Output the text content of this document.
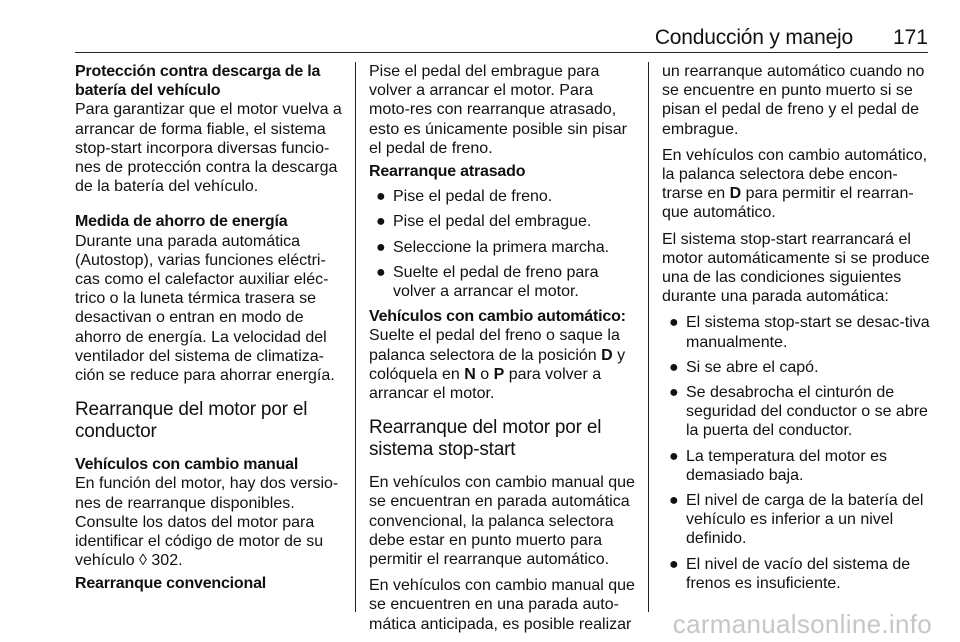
Conducción y manejo 171
Protección contra descarga de la batería del vehículo

Para garantizar que el motor vuelva a arrancar de forma fiable, el sistema stop-start incorpora diversas funcio-nes de protección contra la descarga de la batería del vehículo.

Medida de ahorro de energía

Durante una parada automática (Autostop), varias funciones eléctri-cas como el calefactor auxiliar eléc-trico o la luneta térmica trasera se desactivan o entran en modo de ahorro de energía. La velocidad del ventilador del sistema de climatiza-ción se reduce para ahorrar energía.

Rearranque del motor por el conductor
Vehículos con cambio manual

En función del motor, hay dos versio-nes de rearranque disponibles. Consulte los datos del motor para identificar el código de motor de su vehículo ◊ 302.

Rearranque convencional

Pise el pedal del embrague para volver a arrancar el motor. Para moto-res con rearranque atrasado, esto es únicamente posible sin pisar el pedal de freno.

Rearranque atrasado
● Pise el pedal de freno.
● Pise el pedal del embrague.
● Seleccione la primera marcha.
● Suelte el pedal de freno para volver a arrancar el motor.
Vehículos con cambio automático:

Suelte el pedal del freno o saque la palanca selectora de la posición D y colóquela en N o P para volver a arrancar el motor.

Rearranque del motor por el sistema stop-start

En vehículos con cambio manual que se encuentran en parada automática convencional, la palanca selectora debe estar en punto muerto para permitir el rearranque automático.

En vehículos con cambio manual que se encuentren en una parada auto-mática anticipada, es posible realizar

un rearranque automático cuando no se encuentre en punto muerto si se pisan el pedal de freno y el pedal de embrague.

En vehículos con cambio automático, la palanca selectora debe encon-trarse en D para permitir el rearran-que automático.

El sistema stop-start rearrancará el motor automáticamente si se produce una de las condiciones siguientes durante una parada automática:

● El sistema stop-start se desac-tiva manualmente.
● Si se abre el capó.
● Se desabrocha el cinturón de seguridad del conductor o se abre la puerta del conductor.
● La temperatura del motor es demasiado baja.
● El nivel de carga de la batería del vehículo es inferior a un nivel definido.
● El nivel de vacío del sistema de frenos es insuficiente.
carmanualsonline.info
